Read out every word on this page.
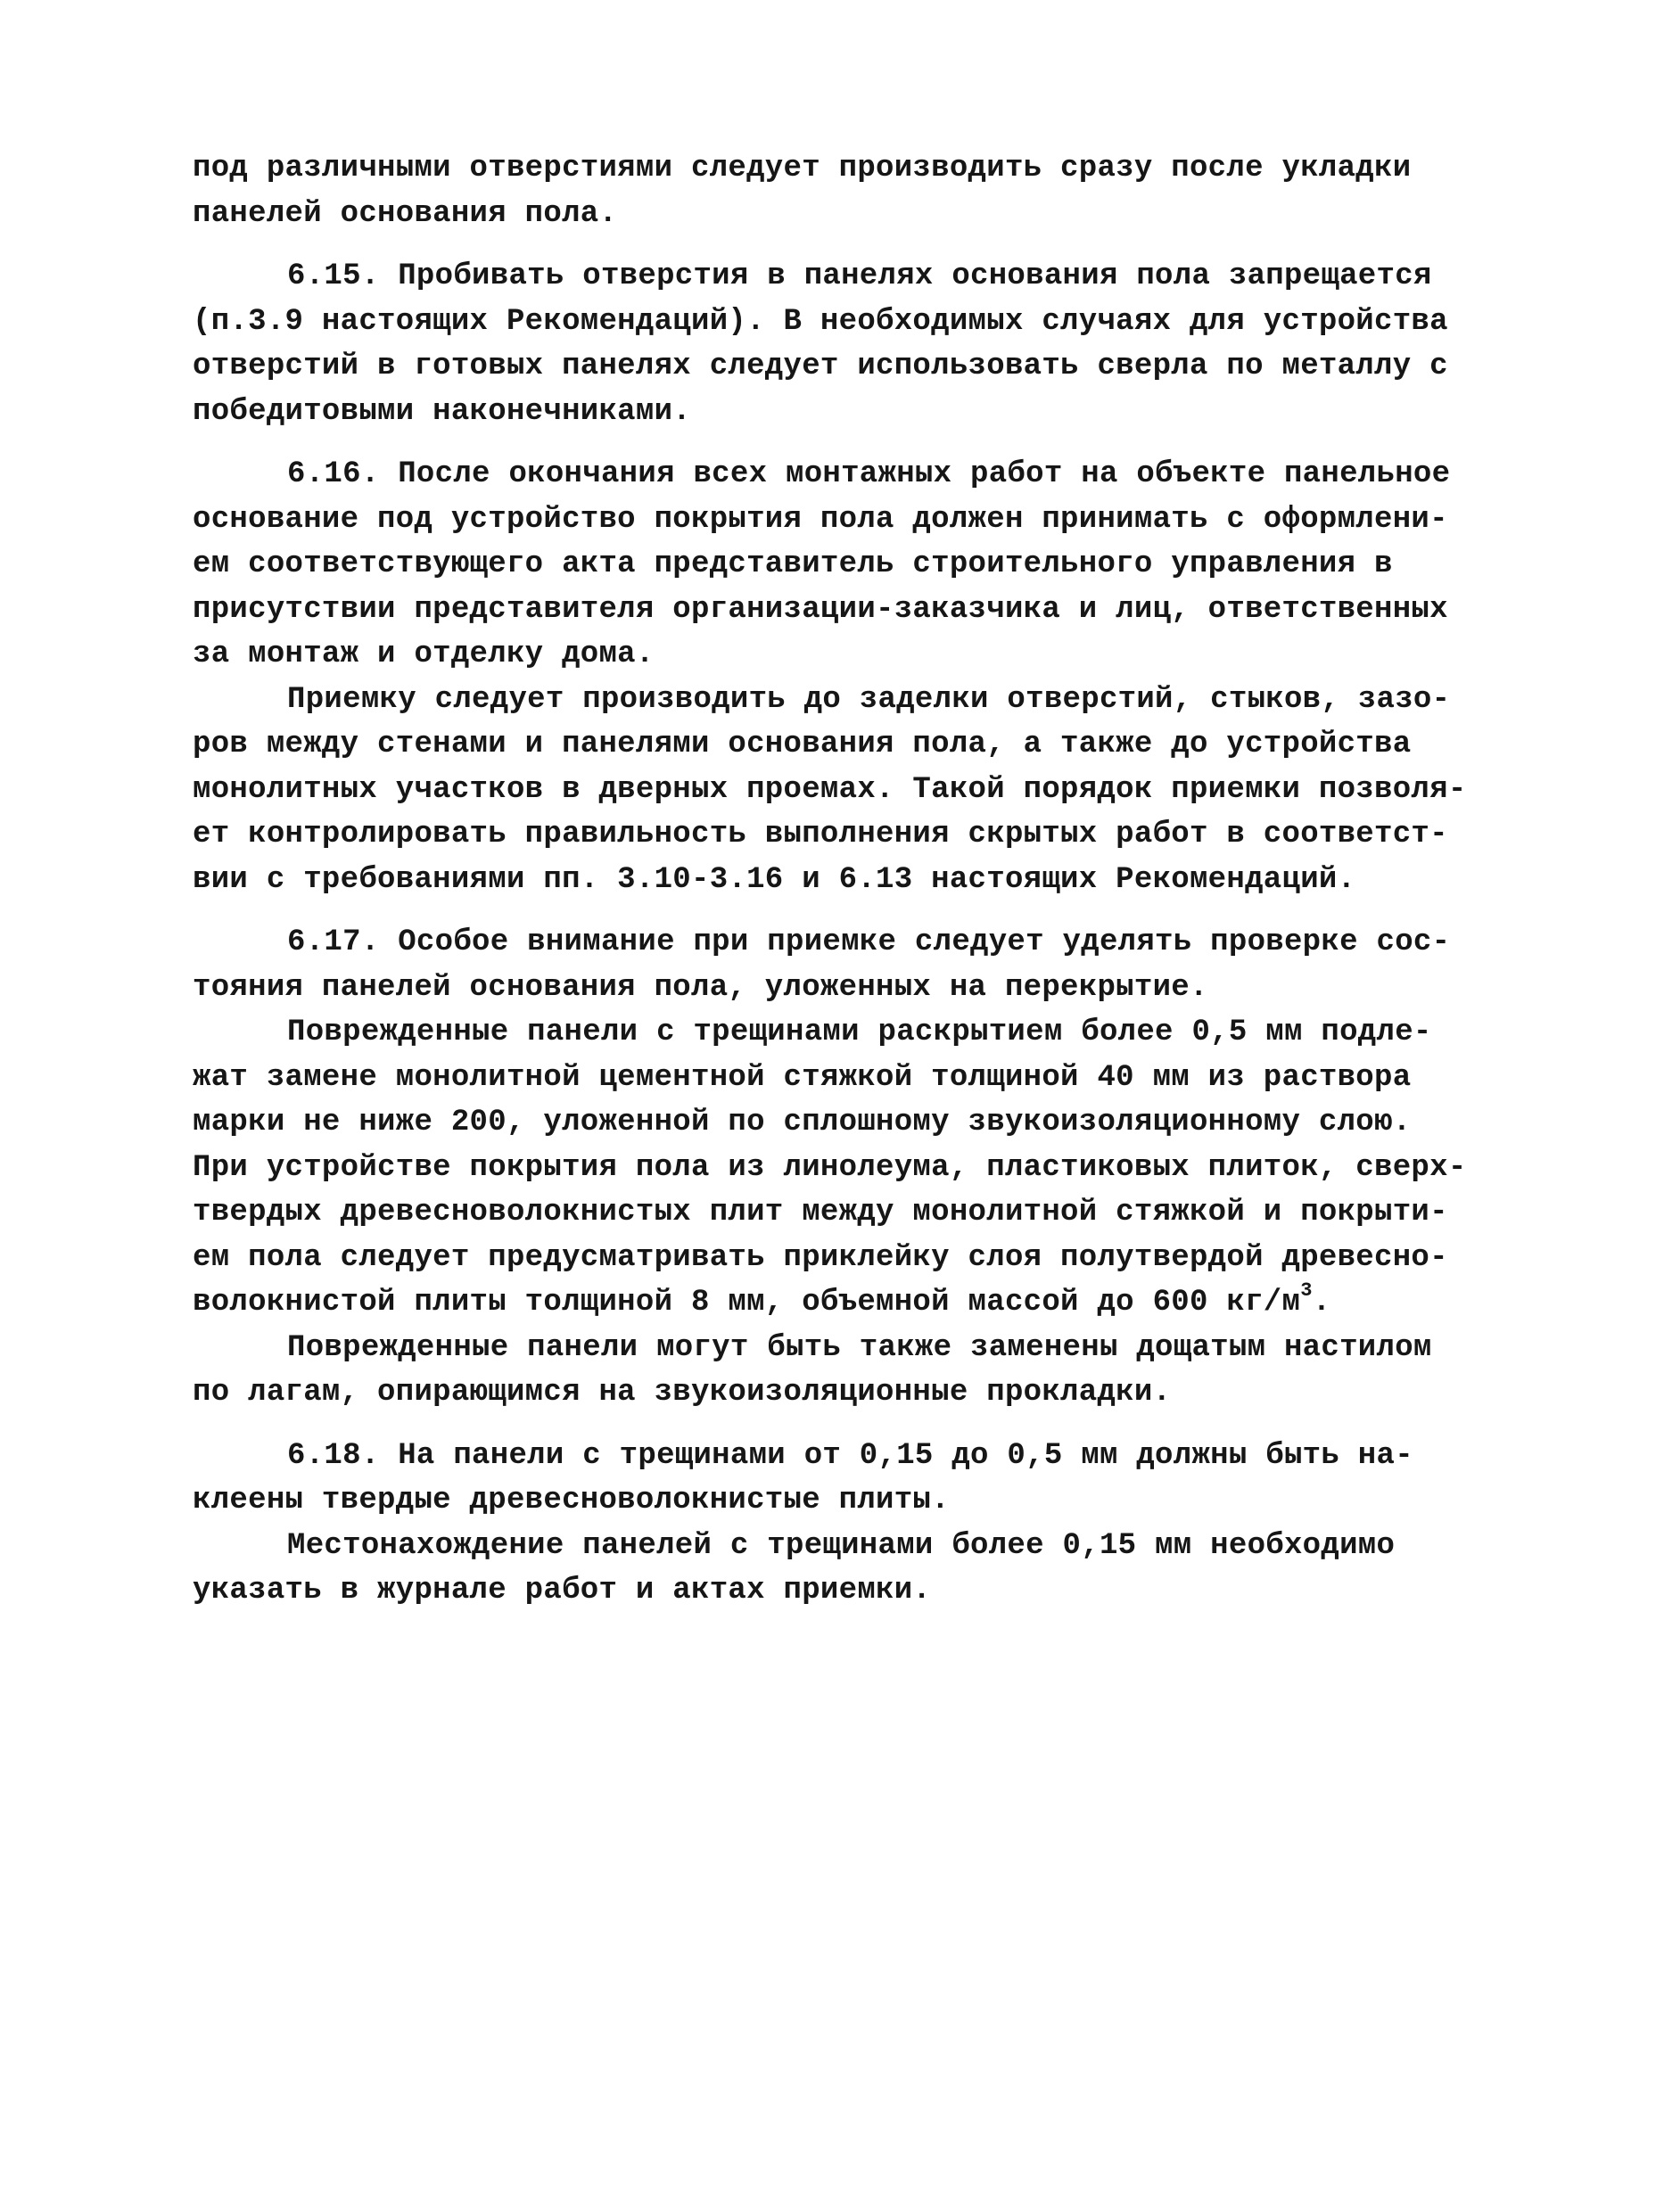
под различными отверстиями следует производить сразу после укладки
панелей основания пола.
6.15. Пробивать отверстия в панелях основания пола запрещается
(п.3.9 настоящих Рекомендаций). В необходимых случаях для устройства
отверстий в готовых панелях следует использовать сверла по металлу с
победитовыми наконечниками.
6.16. После окончания всех монтажных работ на объекте панельное
основание под устройство покрытия пола должен принимать с оформлени-
ем соответствующего акта представитель строительного управления в
присутствии представителя организации-заказчика и лиц, ответственных
за монтаж и отделку дома.
Приемку следует производить до заделки отверстий, стыков, зазо-
ров между стенами и панелями основания пола, а также до устройства
монолитных участков в дверных проемах. Такой порядок приемки позволя-
ет контролировать правильность выполнения скрытых работ в соответст-
вии с требованиями пп. 3.10-3.16 и 6.13 настоящих Рекомендаций.
6.17. Особое внимание при приемке следует уделять проверке сос-
тояния панелей основания пола, уложенных на перекрытие.
Поврежденные панели с трещинами раскрытием более 0,5 мм подле-
жат замене монолитной цементной стяжкой толщиной 40 мм из раствора
марки не ниже 200, уложенной по сплошному звукоизоляционному слою.
При устройстве покрытия пола из линолеума, пластиковых плиток, сверх-
твердых древесноволокнистых плит между монолитной стяжкой и покрыти-
ем пола следует предусматривать приклейку слоя полутвердой древесно-
волокнистой плиты толщиной 8 мм, объемной массой до 600 $кг/м^3$.
Поврежденные панели могут быть также заменены дощатым настилом
по лагам, опирающимся на звукоизоляционные прокладки.
6.18. На панели с трещинами от 0,15 до 0,5 мм должны быть на-
клеены твердые древесноволокнистые плиты.
Местонахождение панелей с трещинами более 0,15 мм необходимо
указать в журнале работ и актах приемки.
